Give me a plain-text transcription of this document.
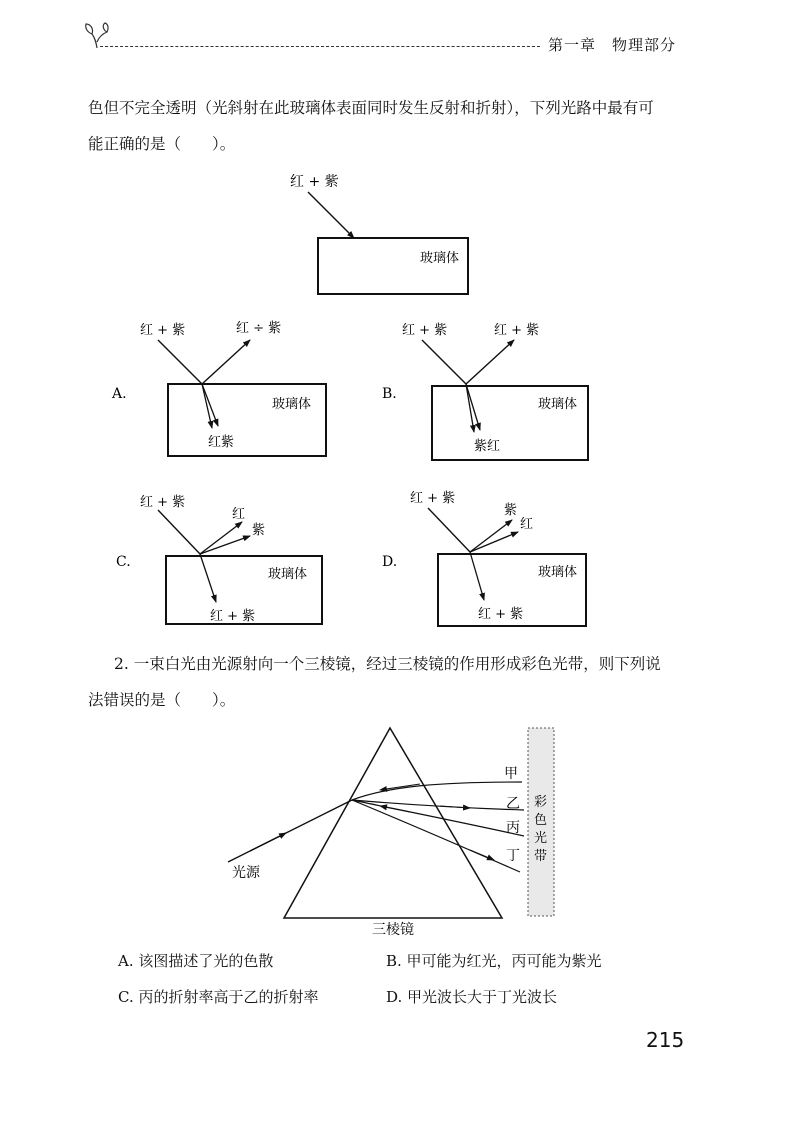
第一章　物理部分
色但不完全透明（光斜射在此玻璃体表面同时发生反射和折射），下列光路中最有可
能正确的是（　　）。
红 + 紫
玻璃体
A.
红 + 紫	红 ÷ 紫
玻璃体
红紫
B.
红 + 紫	红 + 紫
玻璃体
紫红
C.
红 + 紫
红
紫
玻璃体
红 + 紫
D.
红 + 紫
紫
红
玻璃体
红 + 紫
光源
三棱镜
甲
乙
丙
丁
彩
色
光
带
2. 一束白光由光源射向一个三棱镜，经过三棱镜的作用形成彩色光带，则下列说
法错误的是（　　）。
A. 该图描述了光的色散	B. 甲可能为红光，丙可能为紫光
C. 丙的折射率高于乙的折射率	D. 甲光波长大于丁光波长
215
